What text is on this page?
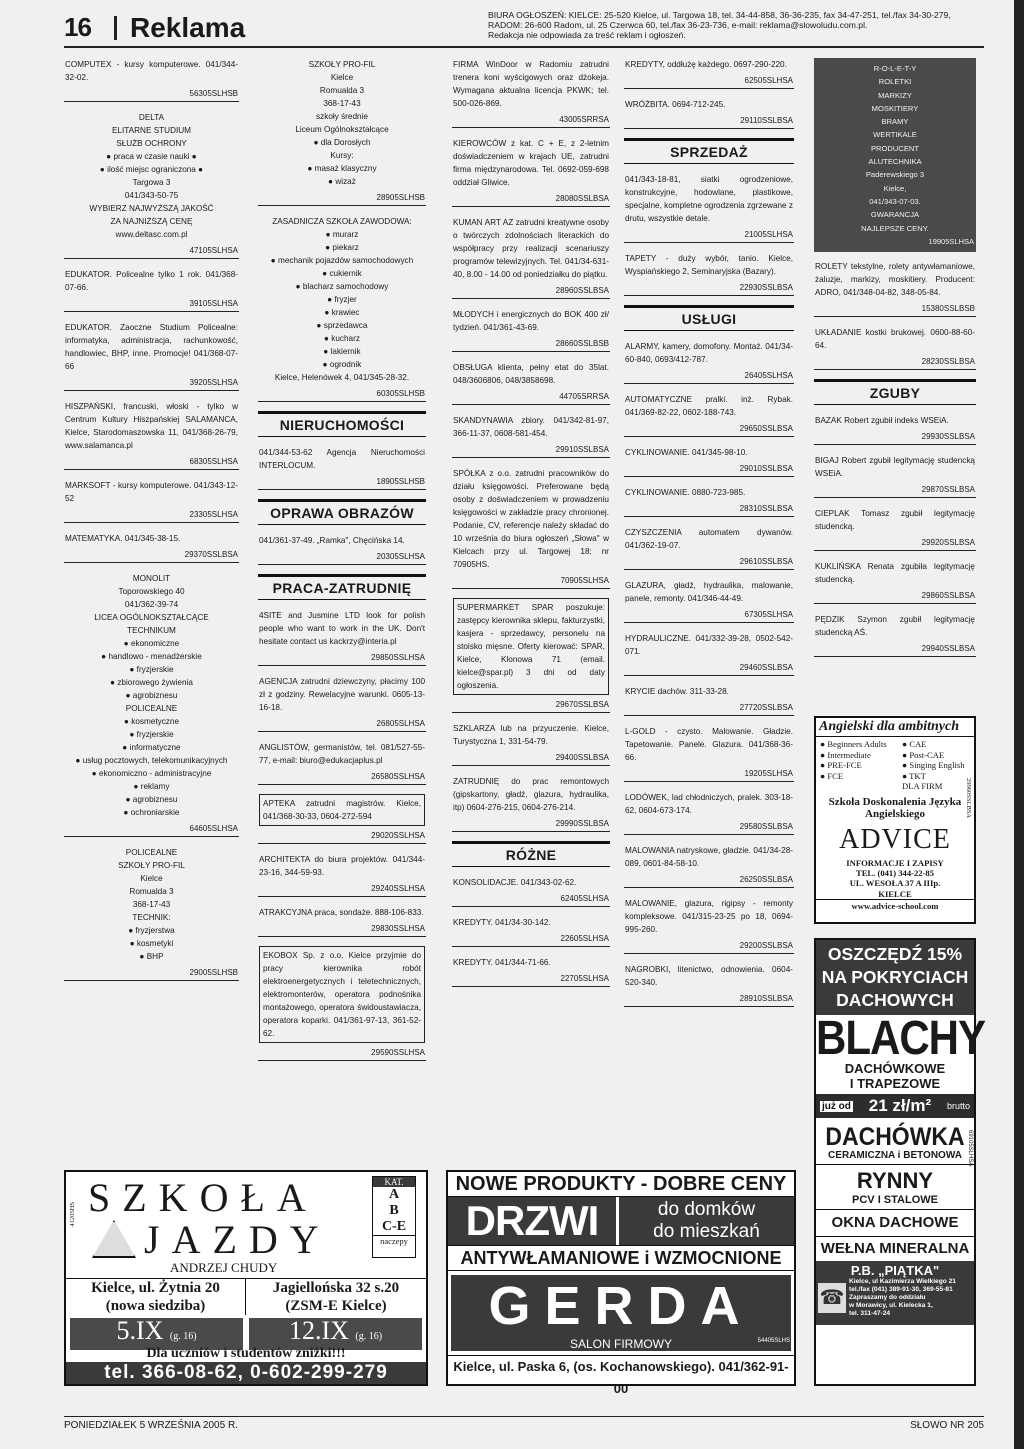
16 Reklama	BIURA OGŁOSZEŃ: KIELCE: 25-520 Kielce, ul. Targowa 18, tel. 34-44-858, 36-36-235, fax 34-47-251, tel./fax 34-30-279,
RADOM: 26-600 Radom, ul. 25 Czerwca 60, tel./fax 36-23-736, e-mail: reklama@slowoludu.com.pl.
Redakcja nie odpowiada za treść reklam i ogłoszeń.
COMPUTEX - kursy komputerowe. 041/344-32-02.
56305SLHSB
DELTA
ELITARNE STUDIUM
SŁUŻB OCHRONY
● praca w czasie nauki ●
● ilość miejsc ograniczona ●
Targowa 3
041/343-50-75
WYBIERZ NAJWYŻSZĄ JAKOŚĆ
ZA NAJNIŻSZĄ CENĘ
www.deltasc.com.pl
47105SLHSA
EDUKATOR. Policealne tylko 1 rok. 041/368-07-66.
39105SLHSA
EDUKATOR. Zaoczne Studium Policealne: informatyka, administracja, rachunkowość, handlowiec, BHP, inne. Promocje! 041/368-07-66
39205SLHSA
HISZPAŃSKI, francuski, włoski - tylko w Centrum Kultury Hiszpańskiej SALAMANCA, Kielce, Starodomaszowska 11, 041/368-26-79, www.salamanca.pl
68305SLHSA
MARKSOFT - kursy komputerowe. 041/343-12-52
23305SLHSA
MATEMATYKA. 041/345-38-15.
29370SSLBSA
MONOLIT
Toporowskiego 40
041/362-39-74
LICEA OGÓLNOKSZTAŁCĄCE
TECHNIKUM
● ekonomiczne
● handlowo - menadżerskie
● fryzjerskie
● zbiorowego żywienia
● agrobiznesu
POLICEALNE
● kosmetyczne
● fryzjerskie
● informatyczne
● usług pocztowych, telekomunikacyjnych
● ekonomiczno - administracyjne
● reklamy
● agrobiznesu
● ochroniarskie
64605SLHSA
POLICEALNE
SZKOŁY PRO-FIL
Kielce
Romualda 3
368-17-43
TECHNIK:
● fryzjerstwa
● kosmetyki
● BHP
29005SLHSB
SZKOŁY PRO-FIL
Kielce
Romualda 3
368-17-43
szkoły średnie
Liceum Ogólnokształcące
● dla Dorosłych
Kursy:
● masaż klasyczny
● wizaż
28905SLHSB
ZASADNICZA SZKOŁA ZAWODOWA:
● murarz
● piekarz
● mechanik pojazdów samochodowych
● cukiernik
● blacharz samochodowy
● fryzjer
● krawiec
● sprzedawca
● kucharz
● lakiernik
● ogrodnik
Kielce, Helenówek 4, 041/345-28-32.
60305SLHSB
NIERUCHOMOŚCI
041/344-53-62 Agencja Nieruchomości INTERLOCUM.
18905SLHSB
OPRAWA OBRAZÓW
041/361-37-49. „Ramka", Chęcińska 14.
20305SLHSA
PRACA-ZATRUDNIĘ
4SITE and Jusmine LTD look for polish people who want to work in the UK. Don't hesitate contact us kackrzy@interia.pl
29850SSLHSA
AGENCJA zatrudni dziewczyny, płacimy 100 zł z godziny. Rewelacyjne warunki. 0605-13-16-18.
26805SLHSA
ANGLISTÓW, germanistów, tel. 081/527-55-77, e-mail: biuro@edukacjaplus.pl
26580SSLHSA
APTEKA zatrudni magistrów. Kielce, 041/368-30-33, 0604-272-594
29020SSLHSA
ARCHITEKTA do biura projektów. 041/344-23-16, 344-59-93.
29240SSLHSA
ATRAKCYJNA praca, sondaże. 888-106-833.
29830SSLHSA
EKOBOX Sp. z o.o. Kielce przyjmie do pracy kierownika robót elektroenergetycznych i teletechnicznych, elektromonterów, operatora podnośnika montażowego, operatora świdoustawiacza, operatora koparki. 041/361-97-13, 361-52-62.
29590SSLHSA
FIRMA WinDoor w Radomiu zatrudni trenera koni wyścigowych oraz dżokeja. Wymagana aktualna licencja PKWK; tel. 500-026-869.
43005SRRSA
KIEROWCÓW z kat. C + E, z 2-letnim doświadczeniem w krajach UE, zatrudni firma międzynarodowa. Tel. 0692-059-698 oddział Gliwice.
28080SSLBSA
KUMAN ART AZ zatrudni kreatywne osoby o twórczych zdolnościach literackich do współpracy przy realizacji scenariuszy programów telewizyjnych. Tel. 041/34-631-40, 8.00 - 14.00 od poniedziałku do piątku.
28960SSLBSA
MŁODYCH i energicznych do BOK 400 zł/ tydzień. 041/361-43-69.
28660SSLBSB
OBSŁUGA klienta, pełny etat do 35lat. 048/3606806, 048/3858698.
44705SRRSA
SKANDYNAWIA zbiory. 041/342-81-97, 366-11-37, 0608-581-454.
29910SSLBSA
SPÓŁKA z o.o. zatrudni pracowników do działu księgowości. Preferowane będą osoby z doświadczeniem w prowadzeniu księgowości w zakładzie pracy chronionej. Podanie, CV, referencje należy składać do 10 września do biura ogłoszeń „Słowa" w Kielcach przy ul. Targowej 18: nr 70905HS.
70905SLHSA
SUPERMARKET SPAR poszukuje: zastępcy kierownika sklepu, fakturzystki, kasjera - sprzedawcy, personelu na stoisko mięsne. Oferty kierować: SPAR, Kielce, Klonowa 71 (email. kielce@spar.pl) 3 dni od daty ogłoszenia.
29670SSLBSA
SZKLARZA lub na przyuczenie. Kielce, Turystyczna 1, 331-54-79.
29400SSLBSA
ZATRUDNIĘ do prac remontowych (gipskartony, gładź, glazura, hydraulika, itp) 0604-276-215, 0604-276-214.
29990SSLBSA
RÓŻNE
KONSOLIDACJE. 041/343-02-62.
62405SLHSA
KREDYTY. 041/34-30-142.
22605SLHSA
KREDYTY. 041/344-71-66.
22705SLHSA
KREDYTY, oddłużę każdego. 0697-290-220.
62505SLHSA
WRÓŻBITA. 0694-712-245.
29110SSLBSA
SPRZEDAŻ
041/343-18-81, siatki ogrodzeniowe, konstrukcyjne, hodowlane, plastikowe, specjalne, kompletne ogrodzenia zgrzewane z drutu, wszystkie detale.
21005SLHSA
TAPETY - duży wybór, tanio. Kielce, Wyspiańskiego 2, Seminaryjska (Bazary).
22930SSLBSA
USŁUGI
ALARMY, kamery, domofony. Montaż. 041/34-60-840, 0693/412-787.
26405SLHSA
AUTOMATYCZNE pralki. inż. Rybak. 041/369-82-22, 0602-188-743.
29650SSLBSA
CYKLINOWANIE. 041/345-98-10.
29010SSLBSA
CYKLINOWANIE. 0880-723-985.
28310SSLBSA
CZYSZCZENIA automatem dywanów. 041/362-19-07.
29610SSLBSA
GLAZURA, gładź, hydraulika, malowanie, panele, remonty. 041/346-44-49.
67305SLHSA
HYDRAULICZNE. 041/332-39-28, 0502-542-071.
29460SSLBSA
KRYCIE dachów. 311-33-28.
27720SSLBSA
L-GOLD - czysto. Malowanie. Gładzie. Tapetowanie. Panele. Glazura. 041/368-36-66.
19205SLHSA
LODÓWEK, lad chłodniczych, pralek. 303-18-62, 0604-673-174.
29580SSLBSA
MALOWANIA natryskowe, gładzie. 041/34-28-089, 0601-84-58-10.
26250SSLBSA
MALOWANIE, glazura, rigipsy - remonty kompleksowe. 041/315-23-25 po 18, 0694-995-260.
29200SSLBSA
NAGROBKI, litenictwo, odnowienia. 0604-520-340.
28910SSLBSA
R-O-L-E-T-Y
ROLETKI
MARKIZY
MOSKITIERY
BRAMY
WERTIKALE
PRODUCENT
ALUTECHNIKA
Paderewskiego 3
Kielce,
041/343-07-03.
GWARANCJA
NAJLEPSZE CENY.
19905SLHSA
ROLETY tekstylne, rolety antywłamaniowe, żaluzje, markizy, moskitiery. Producent: ADRO, 041/348-04-82, 348-05-84.
15380SSLBSB
UKŁADANIE kostki brukowej. 0600-88-60-64.
28230SSLBSA
ZGUBY
BAZAK Robert zgubił indeks WSEiA.
29930SSLBSA
BIGAJ Robert zgubił legitymację studencką WSEiA.
29870SSLBSA
CIEPLAK Tomasz zgubił legitymację studencką.
29920SSLBSA
KUKLIŃSKA Renata zgubiła legitymację studencką.
29860SSLBSA
PĘDZIK Szymon zgubił legitymację studencką AŚ.
29940SSLBSA
Angielski dla ambitnych
● Beginners Adults
● Intermediate
● PRE-FCE
● FCE
● CAE
● Post-CAE
● Singing English
● TKT
DLA FIRM
Szkoła Doskonalenia Języka Angielskiego
ADVICE
INFORMACJE I ZAPISY
TEL. (041) 344-22-85
UL. WESOŁA 37 A IIIp.
KIELCE
www.advice-school.com
29960SSLBSA
OSZCZĘDŹ 15%
NA POKRYCIACH
DACHOWYCH
BLACHY
DACHÓWKOWE
I TRAPEZOWE
już od 21 zł/m² brutto
DACHÓWKA
CERAMICZNA i BETONOWA
RYNNY
PCV I STALOWE
OKNA DACHOWE
WEŁNA MINERALNA
P.B. „PIĄTKA"
☎
Kielce, ul Kazimierza Wielkiego 21
tel./fax (041) 389-91-30, 369-55-81
Zapraszamy do oddziału
w Morawicy, ul. Kielecka 1,
tel. 311-47-24
69105SLHSA
41205HS SZKOŁA
JAZDY
KAT.
A
B
C-E
naczepy
ANDRZEJ CHUDY
Kielce, ul. Żytnia 20
(nowa siedziba)
Jagiellońska 32 s.20
(ZSM-E Kielce)
5.IX (g. 16)	12.IX (g. 16)
Dla uczniów i studentów zniżki!!!
tel. 366-08-62, 0-602-299-279
NOWE PRODUKTY - DOBRE CENY
DRZWI	do domków
do mieszkań
ANTYWŁAMANIOWE i WZMOCNIONE
GERDA
SALON FIRMOWY
Kielce, ul. Paska 6, (os. Kochanowskiego). 041/362-91-00
54405SLHS
PONIEDZIAŁEK 5 WRZEŚNIA 2005 R.	SŁOWO NR 205
